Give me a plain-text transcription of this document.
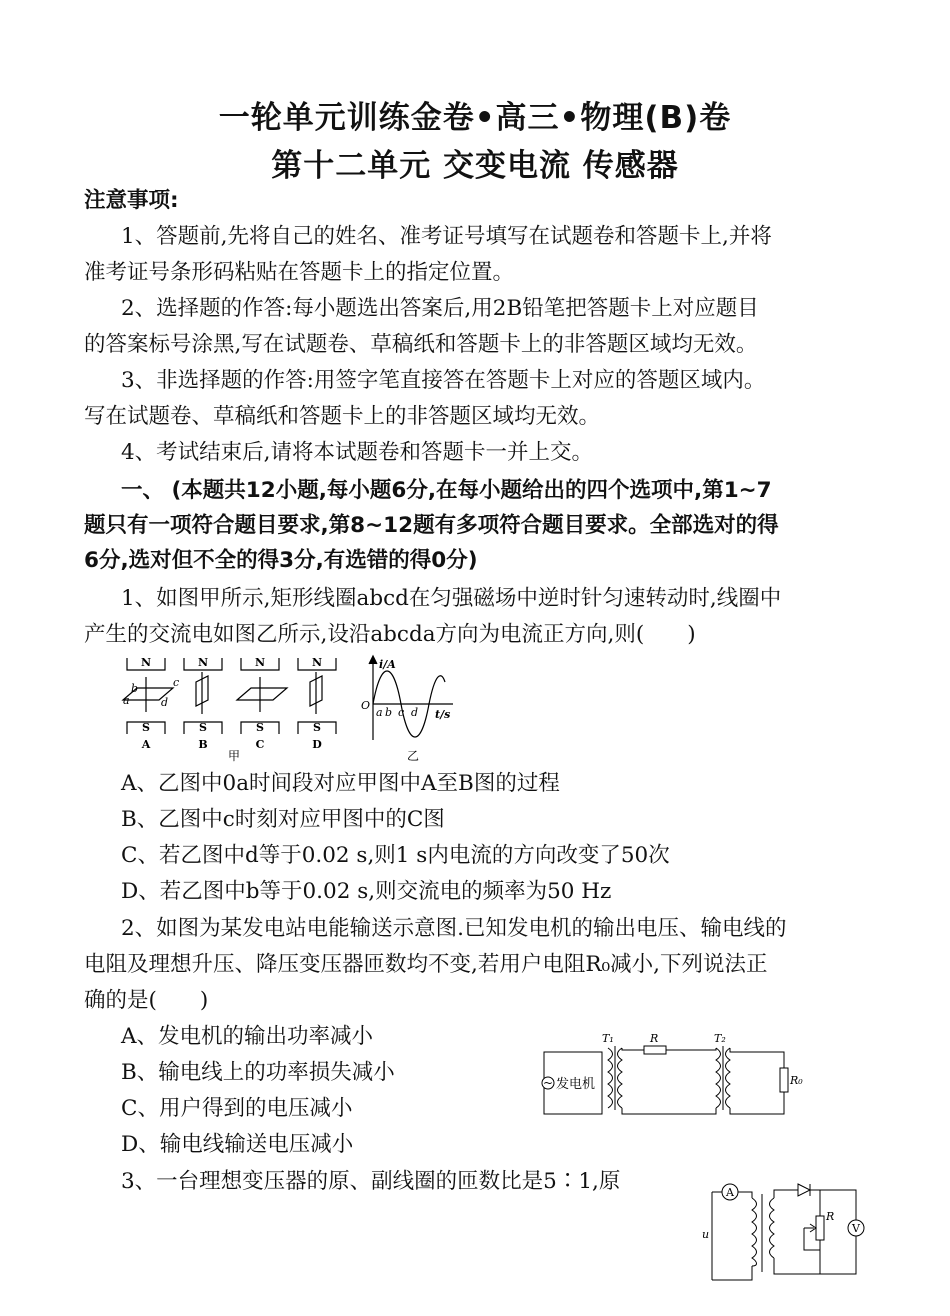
一轮单元训练金卷•高三•物理(B)卷
第十二单元 交变电流 传感器
注意事项:
1、答题前,先将自己的姓名、准考证号填写在试题卷和答题卡上,并将
准考证号条形码粘贴在答题卡上的指定位置。
2、选择题的作答:每小题选出答案后,用2B铅笔把答题卡上对应题目
的答案标号涂黑,写在试题卷、草稿纸和答题卡上的非答题区域均无效。
3、非选择题的作答:用签字笔直接答在答题卡上对应的答题区域内。
写在试题卷、草稿纸和答题卡上的非答题区域均无效。
4、考试结束后,请将本试题卷和答题卡一并上交。
一、 (本题共12小题,每小题6分,在每小题给出的四个选项中,第1~7
题只有一项符合题目要求,第8~12题有多项符合题目要求。全部选对的得
6分,选对但不全的得3分,有选错的得0分)
1、如图甲所示,矩形线圈abcd在匀强磁场中逆时针匀速转动时,线圈中
产生的交流电如图乙所示,设沿abcda方向为电流正方向,则(　　)
N
S
N
S
N
S
N
S
A	B	C	D
a
b	c
d
i/A
t/s
O
a b c d
甲	乙
A、乙图中0a时间段对应甲图中A至B图的过程
B、乙图中c时刻对应甲图中的C图
C、若乙图中d等于0.02 s,则1 s内电流的方向改变了50次
D、若乙图中b等于0.02 s,则交流电的频率为50 Hz
2、如图为某发电站电能输送示意图.已知发电机的输出电压、输电线的
电阻及理想升压、降压变压器匝数均不变,若用户电阻R₀减小,下列说法正
确的是(　　)
A、发电机的输出功率减小
B、输电线上的功率损失减小
C、用户得到的电压减小
D、输电线输送电压减小
~ 发电机
T₁	R	T₂
R₀
3、一台理想变压器的原、副线圈的匝数比是5∶1,原	A
V
u
R
